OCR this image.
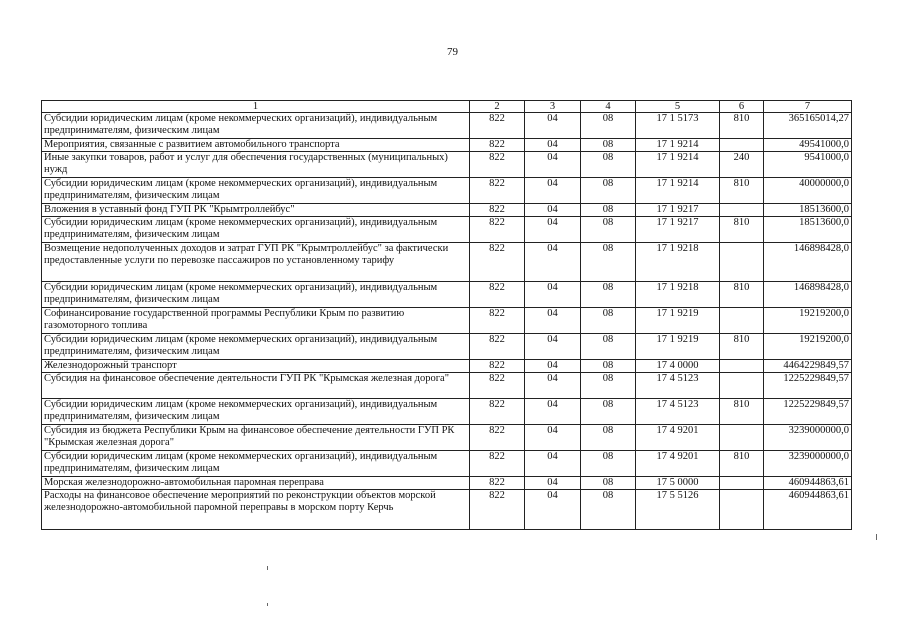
79
1	2	3	4	5	6	7
Субсидии юридическим лицам (кроме некоммерческих организаций), индивидуальным предпринимателям, физическим лицам	822	04	08	17 1 5173	810	365165014,27
Мероприятия, связанные с развитием автомобильного транспорта	822	04	08	17 1 9214		49541000,0
Иные закупки товаров, работ и услуг для обеспечения государственных (муниципальных) нужд	822	04	08	17 1 9214	240	9541000,0
Субсидии юридическим лицам (кроме некоммерческих организаций), индивидуальным предпринимателям, физическим лицам	822	04	08	17 1 9214	810	40000000,0
Вложения в уставный фонд ГУП РК "Крымтроллейбус"	822	04	08	17 1 9217		18513600,0
Субсидии юридическим лицам (кроме некоммерческих организаций), индивидуальным предпринимателям, физическим лицам	822	04	08	17 1 9217	810	18513600,0
Возмещение недополученных доходов и затрат ГУП РК "Крымтроллейбус" за фактически предоставленные услуги по перевозке пассажиров по установленному тарифу	822	04	08	17 1 9218		146898428,0
Субсидии юридическим лицам (кроме некоммерческих организаций), индивидуальным предпринимателям, физическим лицам	822	04	08	17 1 9218	810	146898428,0
Софинансирование государственной программы Республики Крым по развитию газомоторного топлива	822	04	08	17 1 9219		19219200,0
Субсидии юридическим лицам (кроме некоммерческих организаций), индивидуальным предпринимателям, физическим лицам	822	04	08	17 1 9219	810	19219200,0
Железнодорожный транспорт	822	04	08	17 4 0000		4464229849,57
Субсидия на финансовое обеспечение деятельности ГУП РК "Крымская железная дорога"	822	04	08	17 4 5123		1225229849,57
Субсидии юридическим лицам (кроме некоммерческих организаций), индивидуальным предпринимателям, физическим лицам	822	04	08	17 4 5123	810	1225229849,57
Субсидия из бюджета Республики Крым на финансовое обеспечение деятельности ГУП РК "Крымская железная дорога"	822	04	08	17 4 9201		3239000000,0
Субсидии юридическим лицам (кроме некоммерческих организаций), индивидуальным предпринимателям, физическим лицам	822	04	08	17 4 9201	810	3239000000,0
Морская железнодорожно-автомобильная паромная переправа	822	04	08	17 5 0000		460944863,61
Расходы на финансовое обеспечение мероприятий по реконструкции объектов морской железнодорожно-автомобильной паромной переправы в морском порту Керчь	822	04	08	17 5 5126		460944863,61
